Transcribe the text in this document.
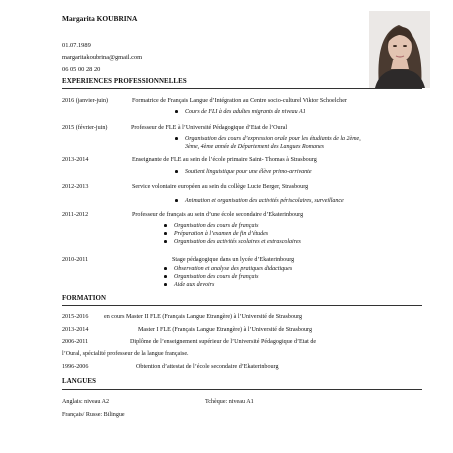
Margarita KOUBRINA
01.07.1989
margaritakoubrina@gmail.com
06 05 00 28 20
EXPERIENCES PROFESSIONNELLES
2016 (janvier-juin)	Formatrice de Français Langue d’Intégration au Centre socio-culturel Viktor Schoelcher
Cours de FLI à des adultes migrants de niveau A1
2015 (février-juin)	Professeur de FLE à l’Université Pédagogique d’Etat de l’Oural
Organisation des cours d’expression orale pour les étudiants de la 2ème,
3ème, 4ème année de Département des Langues Romanes
2013-2014	Enseignante de FLE au sein de l’école primaire Saint- Thomas à Strasbourg
Soutient linguistique pour une élève primo-arrivante
2012-2013	Service volontaire européen au sein du collège Lucie Berger, Strasbourg
Animation et organisation des activités périscolaires, surveillance
2011-2012	Professeur de français au sein d’une école secondaire d’Ekaterinbourg
Organisation des cours de français
Préparation à l’examen de fin d’études
Organisation des activités scolaires et extrascolaires
2010-2011	Stage pédagogique dans un lycée d’Ekaterinbourg
Observation et analyse des pratiques didactiques
Organisation des cours de français
Aide aux devoirs
FORMATION
2015-2016	en cours Master II FLE (Français Langue Etrangère) à l’Université de Strasbourg
2013-2014	Master I FLE (Français Langue Etrangère) à l’Université de Strasbourg
2006-2011	Diplôme de l’enseignement supérieur de l’Université Pédagogique d’Etat de
l’Oural, spécialité professeur de la langue française.
1996-2006	Obtention d’attestat de l’école secondaire d’Ekaterinbourg
LANGUES
Anglais: niveau A2	Tchèque: niveau A1
Français/ Russe: Bilingue
